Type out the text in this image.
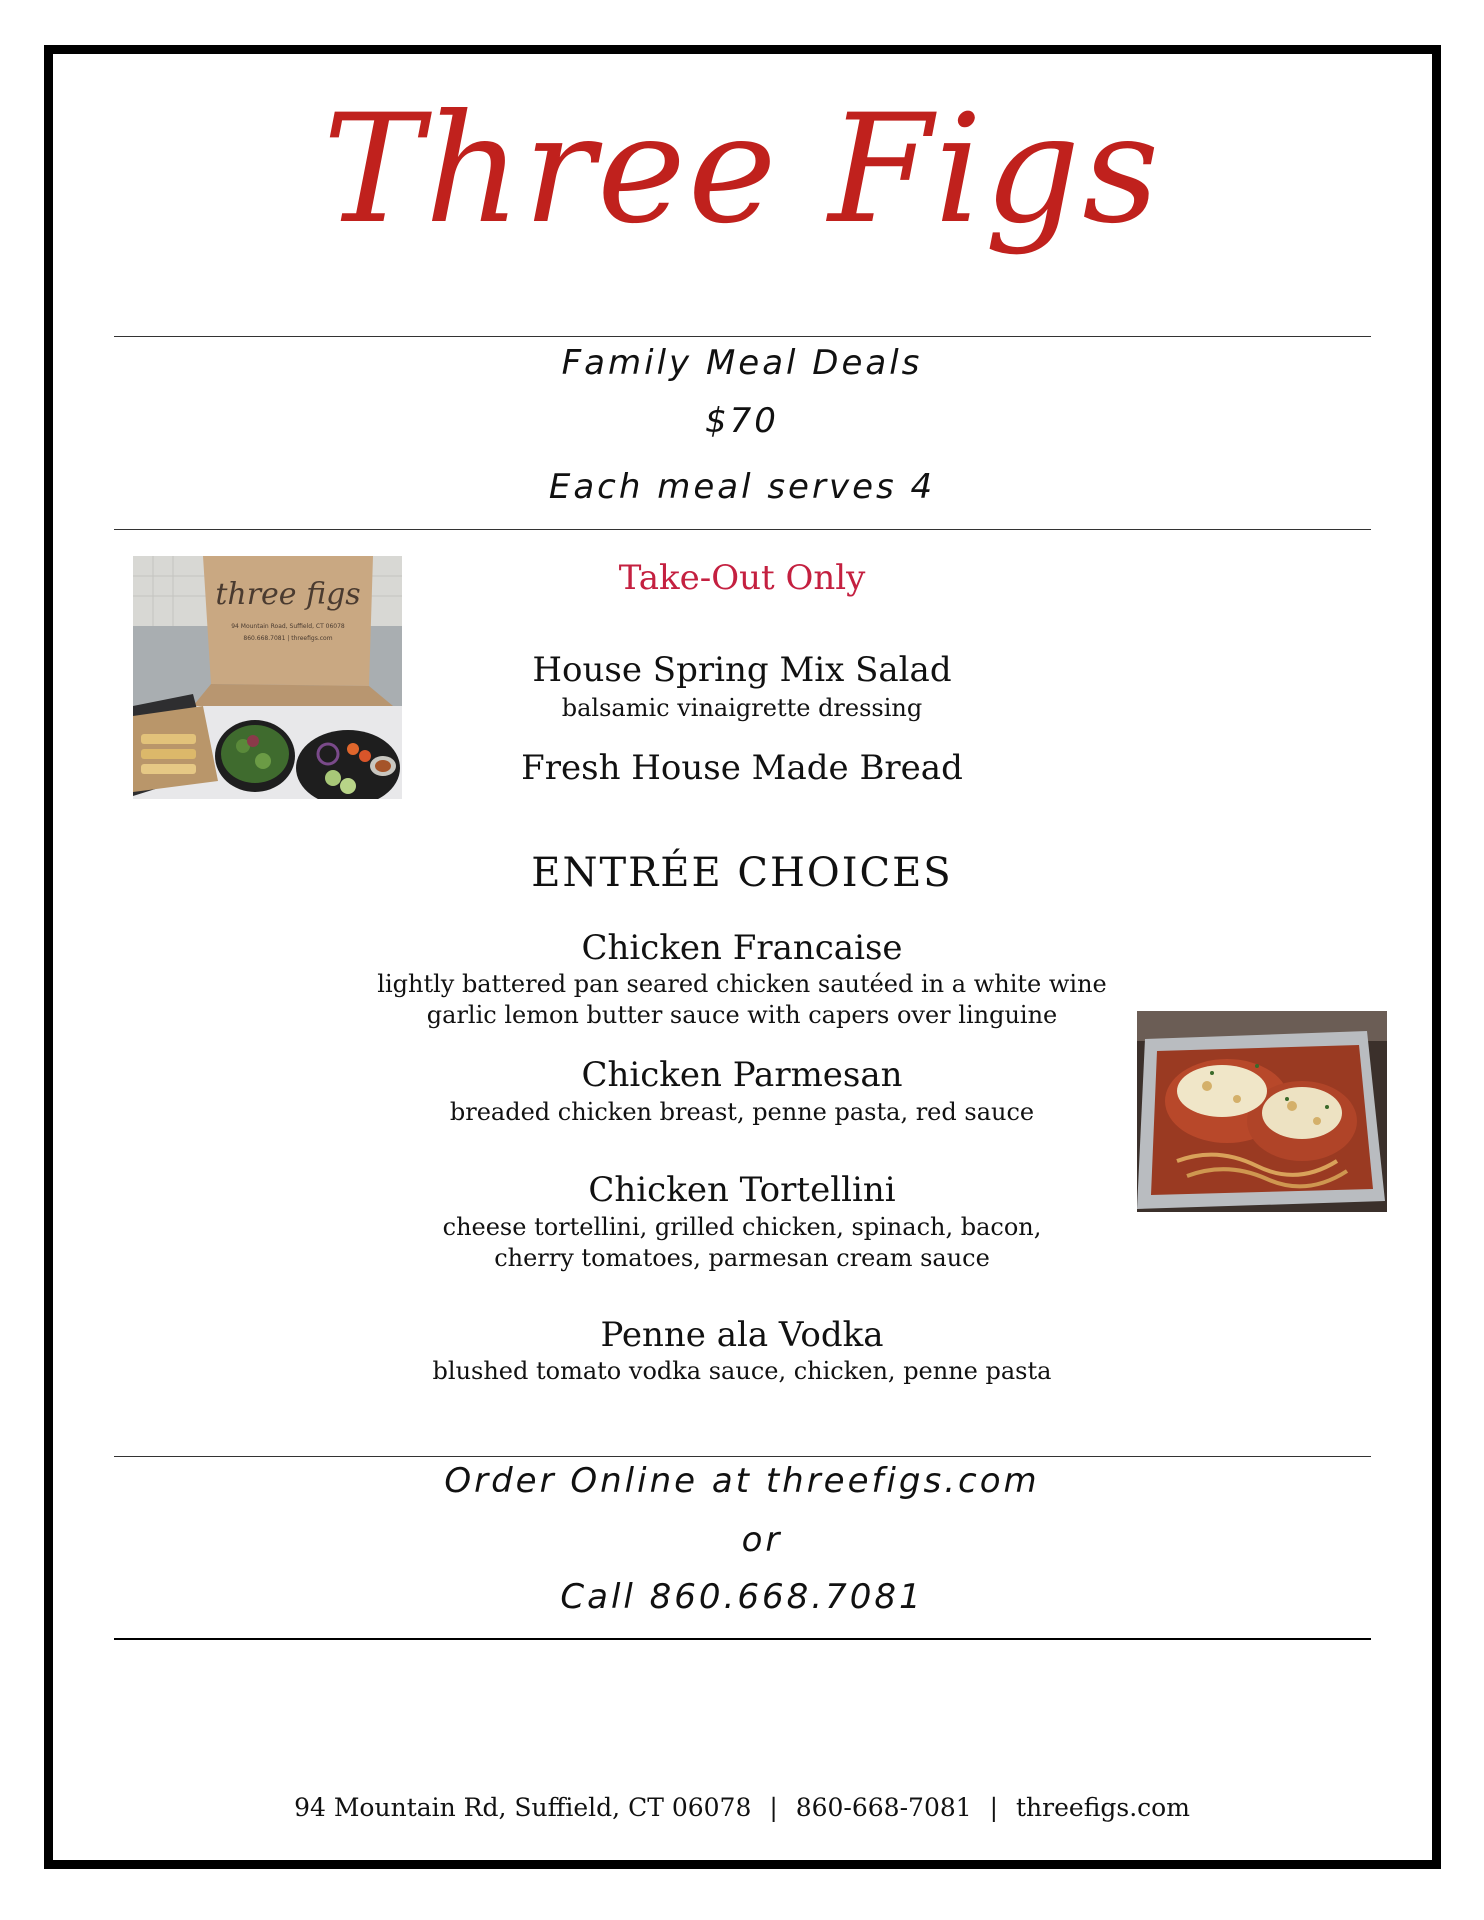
Three Figs
Family Meal Deals
$70
Each meal serves 4
three figs
94 Mountain Road, Suffield, CT 06078
860.668.7081 | threefigs.com
Take-Out Only
House Spring Mix Salad
balsamic vinaigrette dressing
Fresh House Made Bread
ENTRÉE CHOICES
Chicken Francaise
lightly battered pan seared chicken sautéed in a white wine
garlic lemon butter sauce with capers over linguine
Chicken Parmesan
breaded chicken breast, penne pasta, red sauce
Chicken Tortellini
cheese tortellini, grilled chicken, spinach, bacon,
cherry tomatoes, parmesan cream sauce
Penne ala Vodka
blushed tomato vodka sauce, chicken, penne pasta
Order Online at threefigs.com
or
Call 860.668.7081
94 Mountain Rd, Suffield, CT 06078 | 860-668-7081 | threefigs.com
